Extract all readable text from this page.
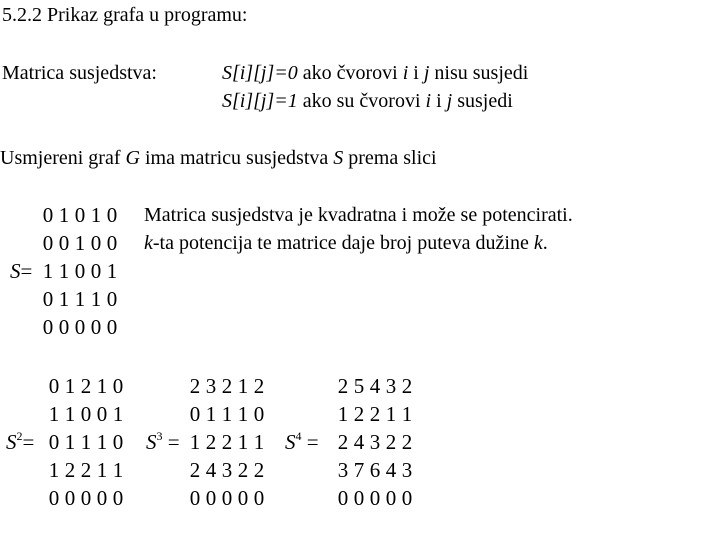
5.2.2 Prikaz grafa u programu:
Matrica susjedstva:	S[i][j]=0 ako čvorovi i i j nisu susjedi
S[i][j]=1 ako su čvorovi i i j susjedi
Usmjereni graf G ima matricu susjedstva S prema slici
Matrica susjedstva je kvadratna i može se potencirati.
k-ta potencija te matrice daje broj puteva dužine k.
S=
0 1 0 1 0
0 0 1 0 0
1 1 0 0 1
0 1 1 1 0
0 0 0 0 0
$S^2=$
0 1 2 1 0
1 1 0 0 1
0 1 1 1 0
1 2 2 1 1
0 0 0 0 0
$S^3$ =
2 3 2 1 2
0 1 1 1 0
1 2 2 1 1
2 4 3 2 2
0 0 0 0 0
$S^4$ =
2 5 4 3 2
1 2 2 1 1
2 4 3 2 2
3 7 6 4 3
0 0 0 0 0
